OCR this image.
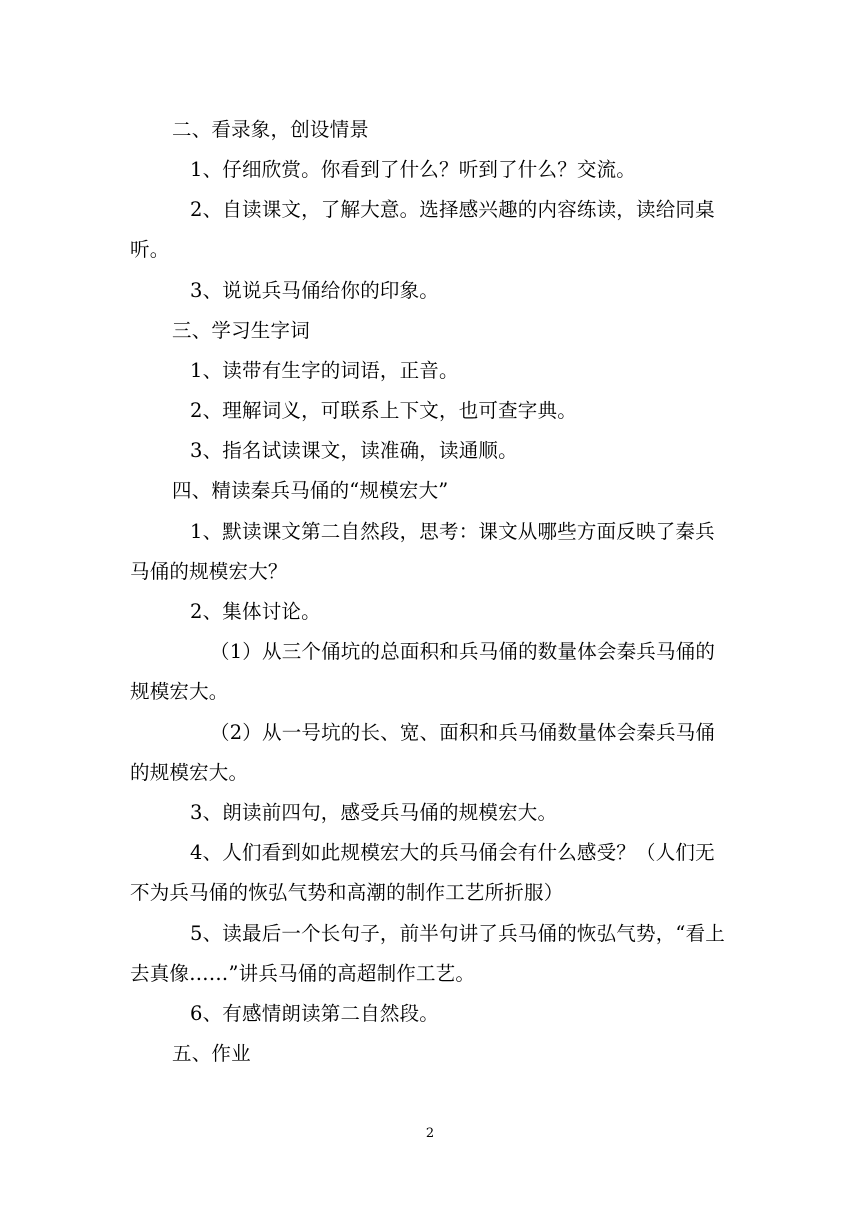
二、看录象，创设情景
1、仔细欣赏。你看到了什么？听到了什么？交流。
2、自读课文，了解大意。选择感兴趣的内容练读，读给同桌
听。
3、说说兵马俑给你的印象。
三、学习生字词
1、读带有生字的词语，正音。
2、理解词义，可联系上下文，也可查字典。
3、指名试读课文，读准确，读通顺。
四、精读秦兵马俑的“规模宏大”
1、默读课文第二自然段，思考：课文从哪些方面反映了秦兵
马俑的规模宏大？
2、集体讨论。
（1）从三个俑坑的总面积和兵马俑的数量体会秦兵马俑的
规模宏大。
（2）从一号坑的长、宽、面积和兵马俑数量体会秦兵马俑
的规模宏大。
3、朗读前四句，感受兵马俑的规模宏大。
4、人们看到如此规模宏大的兵马俑会有什么感受？（人们无
不为兵马俑的恢弘气势和高潮的制作工艺所折服）
5、读最后一个长句子，前半句讲了兵马俑的恢弘气势，“看上
去真像……”讲兵马俑的高超制作工艺。
6、有感情朗读第二自然段。
五、作业
2
